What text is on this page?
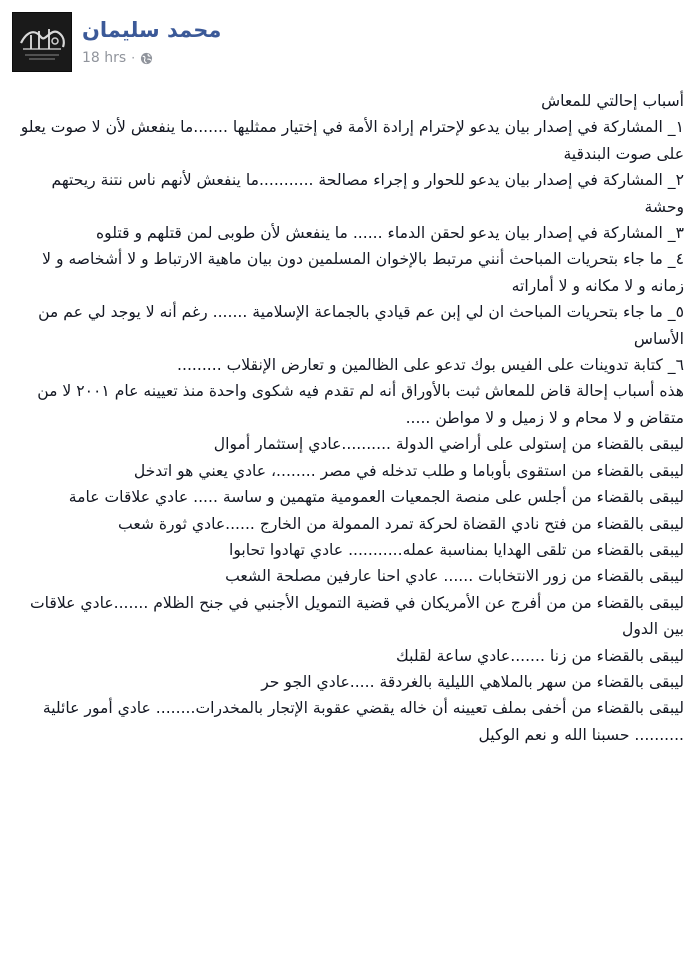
محمد سليمان
18 hrs ·

أسباب إحالتي للمعاش

١_ المشاركة في إصدار بيان يدعو لإحترام إرادة الأمة في إختيار ممثليها .......ما ينفعش لأن لا صوت يعلو على صوت البندقية

٢_ المشاركة في إصدار بيان يدعو للحوار و إجراء مصالحة ...........ما ينفعش لأنهم ناس نتنة ريحتهم وحشة

٣_ المشاركة في إصدار بيان يدعو لحقن الدماء ...... ما ينفعش لأن طوبى لمن قتلهم و قتلوه

٤_ ما جاء بتحريات المباحث أنني مرتبط بالإخوان المسلمين دون بيان ماهية الارتباط و لا أشخاصه و لا زمانه و لا مكانه و لا أماراته

٥_ ما جاء بتحريات المباحث ان لي إبن عم قيادي بالجماعة الإسلامية ....... رغم أنه لا يوجد لي عم من الأساس

٦_ كتابة تدوينات على الفيس بوك تدعو على الظالمين و تعارض الإنقلاب .........

هذه أسباب إحالة قاض للمعاش ثبت بالأوراق أنه لم تقدم فيه شكوى واحدة منذ تعيينه عام ٢٠٠١ لا من متقاض و لا محام و لا زميل و لا مواطن .....

ليبقى بالقضاء من إستولى على أراضي الدولة ..........عادي إستثمار أموال

ليبقى بالقضاء من استقوى بأوباما و طلب تدخله في مصر ........، عادي يعني هو اتدخل

ليبقى بالقضاء من أجلس على منصة الجمعيات العمومية متهمين و ساسة ..... عادي علاقات عامة

ليبقى بالقضاء من فتح نادي القضاة لحركة تمرد الممولة من الخارج ......عادي ثورة شعب

ليبقى بالقضاء من تلقى الهدايا بمناسبة عمله........... عادي تهادوا تحابوا

ليبقى بالقضاء من زور الانتخابات ...... عادي احنا عارفين مصلحة الشعب

ليبقى بالقضاء من من أفرج عن الأمريكان في قضية التمويل الأجنبي في جنح الظلام .......عادي علاقات بين الدول

ليبقى بالقضاء من زنا .......عادي ساعة لقلبك

ليبقى بالقضاء من سهر بالملاهي الليلية بالغردقة .....عادي الجو حر

ليبقى بالقضاء من أخفى بملف تعيينه أن خاله يقضي عقوبة الإتجار بالمخدرات........ عادي أمور عائلية

.......... حسبنا الله و نعم الوكيل
